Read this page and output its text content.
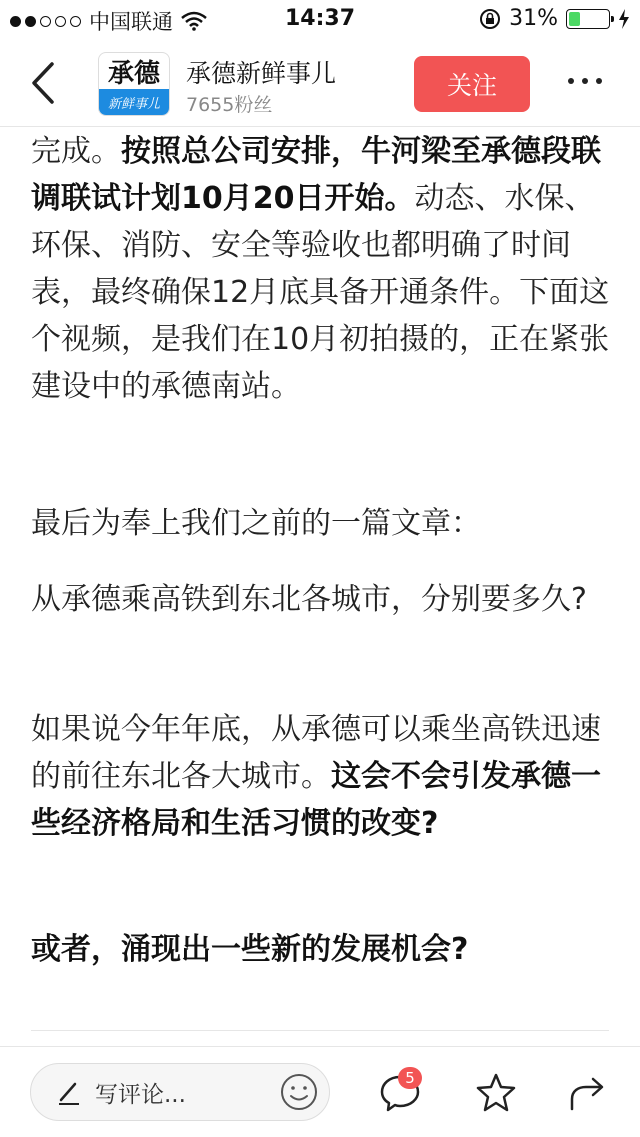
中国联通	14:37	31%
承德
新鲜事儿
承德新鲜事儿
7655粉丝
关注

完成。按照总公司安排，牛河梁至承德段联调联试计划10月20日开始。动态、水保、环保、消防、安全等验收也都明确了时间表，最终确保12月底具备开通条件。下面这个视频，是我们在10月初拍摄的，正在紧张建设中的承德南站。

最后为奉上我们之前的一篇文章：

从承德乘高铁到东北各城市，分别要多久?

如果说今年年底，从承德可以乘坐高铁迅速的前往东北各大城市。这会不会引发承德一些经济格局和生活习惯的改变?

或者，涌现出一些新的发展机会?

写评论...
5
